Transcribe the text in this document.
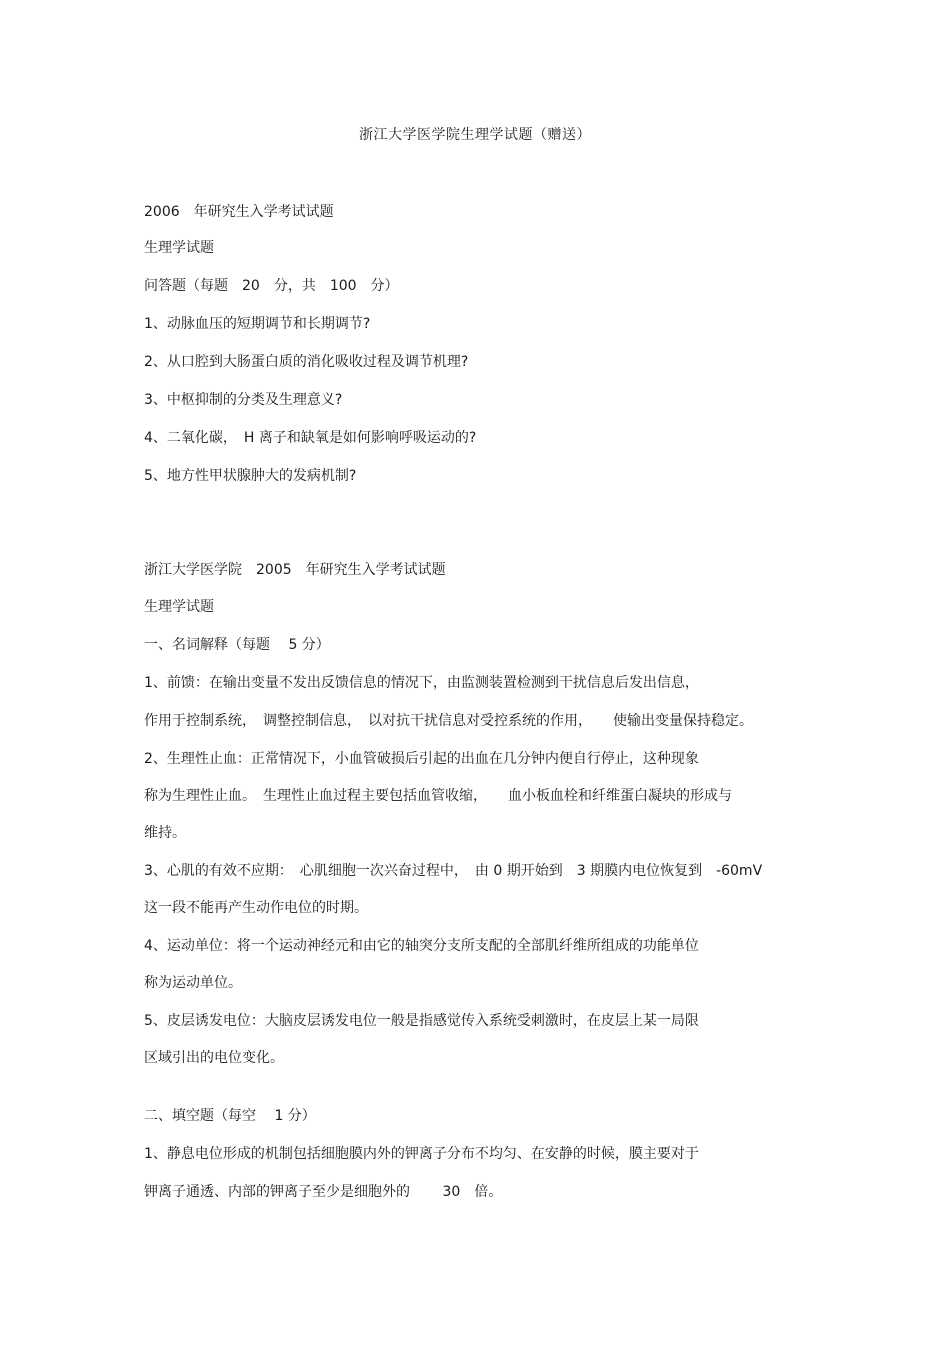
浙江大学医学院生理学试题（赠送）
2006　年研究生入学考试试题
生理学试题
问答题（每题　20　分，共　100　分）
1、动脉血压的短期调节和长期调节?
2、从口腔到大肠蛋白质的消化吸收过程及调节机理?
3、中枢抑制的分类及生理意义?
4、二氧化碳，　H 离子和缺氧是如何影响呼吸运动的?
5、地方性甲状腺肿大的发病机制?
浙江大学医学院　2005　年研究生入学考试试题
生理学试题
一、名词解释（每题　 5 分）
1、前馈：在输出变量不发出反馈信息的情况下，由监测装置检测到干扰信息后发出信息，
作用于控制系统，　调整控制信息，　以对抗干扰信息对受控系统的作用，　　使输出变量保持稳定。
2、生理性止血：正常情况下，小血管破损后引起的出血在几分钟内便自行停止，这种现象
称为生理性止血。　生理性止血过程主要包括血管收缩，　　血小板血栓和纤维蛋白凝块的形成与
维持。
3、心肌的有效不应期：　心肌细胞一次兴奋过程中，　由 0 期开始到　3 期膜内电位恢复到　-60mV
这一段不能再产生动作电位的时期。
4、运动单位：将一个运动神经元和由它的轴突分支所支配的全部肌纤维所组成的功能单位
称为运动单位。
5、皮层诱发电位：大脑皮层诱发电位一般是指感觉传入系统受刺激时，在皮层上某一局限
区域引出的电位变化。
二、填空题（每空　 1 分）
1、静息电位形成的机制包括细胞膜内外的钾离子分布不均匀、在安静的时候，膜主要对于
钾离子通透、内部的钾离子至少是细胞外的　　 30　倍。
